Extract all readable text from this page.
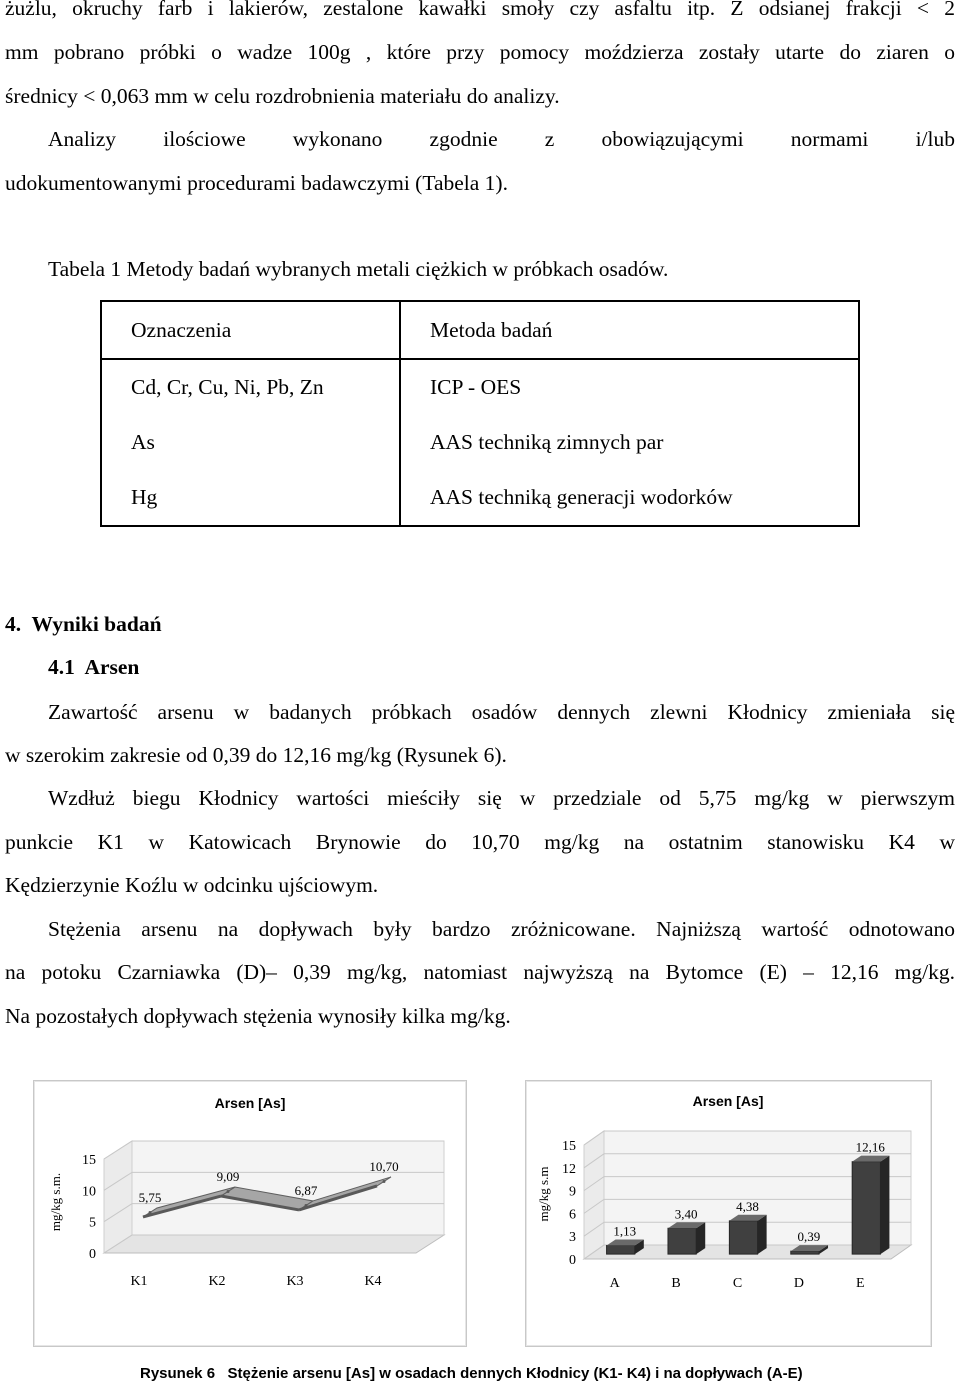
żużlu, okruchy farb i lakierów, zestalone kawałki smoły czy asfaltu itp. Z odsianej frakcji < 2
mm pobrano próbki o wadze 100g , które przy pomocy moździerza zostały utarte do ziaren o
średnicy < 0,063 mm w celu rozdrobnienia materiału do analizy.
Analizy ilościowe wykonano zgodnie z obowiązującymi normami i/lub
udokumentowanymi procedurami badawczymi (Tabela 1).
Tabela 1 Metody badań wybranych metali ciężkich w próbkach osadów.
Oznaczenia	Metoda badań
Cd, Cr, Cu, Ni, Pb, Zn	ICP - OES
As	AAS techniką zimnych par
Hg	AAS techniką generacji wodorków
4.  Wyniki badań
4.1  Arsen
Zawartość arsenu w badanych próbkach osadów dennych zlewni Kłodnicy zmieniała się
w szerokim zakresie od 0,39 do 12,16 mg/kg (Rysunek 6).
Wzdłuż biegu Kłodnicy wartości mieściły się w przedziale od 5,75 mg/kg w pierwszym
punkcie K1 w Katowicach Brynowie do 10,70 mg/kg na ostatnim stanowisku K4 w
Kędzierzynie Koźlu w odcinku ujściowym.
Stężenia arsenu na dopływach były bardzo zróżnicowane. Najniższą wartość odnotowano
na potoku Czarniawka (D)– 0,39 mg/kg, natomiast najwyższą na Bytomce (E) – 12,16 mg/kg.
Na pozostałych dopływach stężenia wynosiły kilka mg/kg.
Arsen [As]
0
5
10
15
mg/kg s.m.	5,75
K1
9,09
K2
6,87
K3
10,70
K4
Arsen [As]
0
3
6
9
12
15
mg/kg s.m
1,13
A
3,40
B
4,38
C
0,39
D
12,16
E
Rysunek 6   Stężenie arsenu [As] w osadach dennych Kłodnicy (K1- K4) i na dopływach (A-E)
